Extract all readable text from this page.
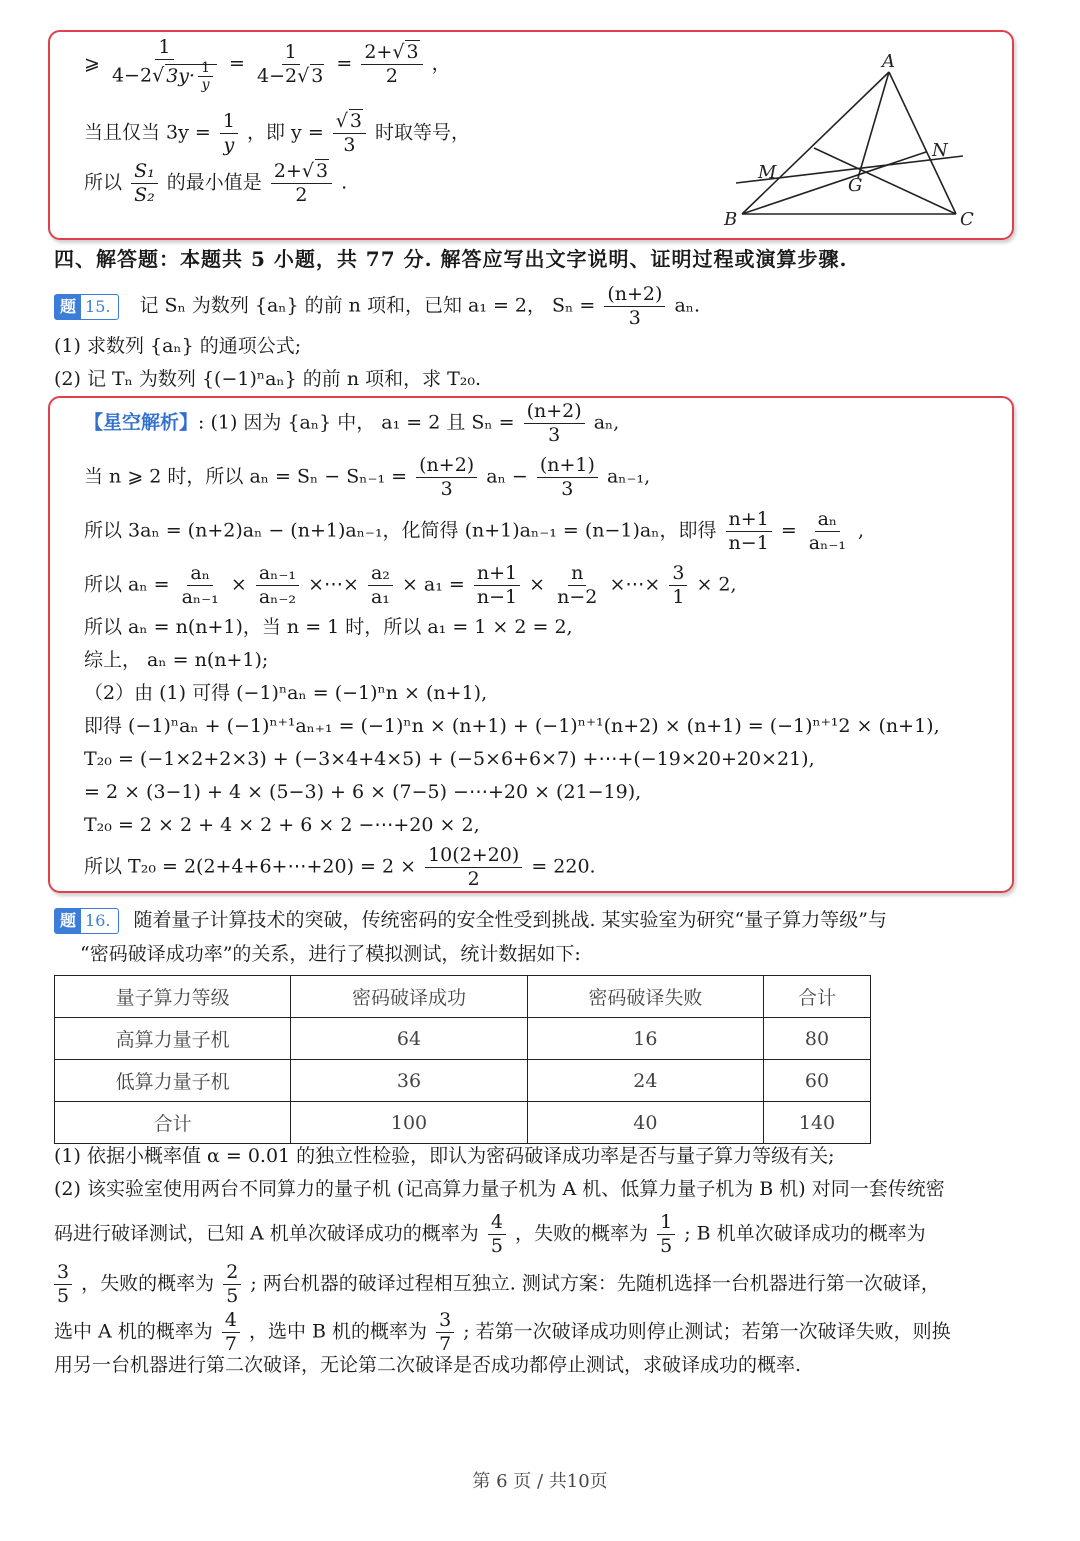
⩾ $\frac{1}{4-2√ 3y\cdot \frac{1}{y}} = \frac{1}{4-2√ 3} = \frac{2+√ 3}{2}$ ，
当且仅当 $3y = \frac{1}{y}$ ，即 $y = \frac{√ 3}{3}$ 时取等号，
所以 $\frac{\text{S₁}}{\text{S₂}}$ 的最小值是 $\frac{2+√ 3}{2}$ .
A
B	C
M
N
G
四、解答题：本题共 5 小题，共 77 分. 解答应写出文字说明、证明过程或演算步骤.
题 15. 记 Sₙ 为数列 {aₙ} 的前 n 项和，已知 a₁ = 2， $S_n = \frac{(n+2)}{3} a_n$.
(1) 求数列 {aₙ} 的通项公式;
(2) 记 Tₙ 为数列 {(−1)ⁿaₙ} 的前 n 项和，求 T₂₀.
【星空解析】: (1) 因为 {aₙ} 中， a₁ = 2 且 $S_n = \frac{(n+2)}{3} a_n$,
当 n ⩾ 2 时，所以 $a_n = S_n - S_{n-1} = \frac{(n+2)}{3}$ $a_n - \frac{(n+1)}{3} a_{n-1}$,
所以 3aₙ = (n+2)aₙ − (n+1)aₙ₋₁，化简得 (n+1)aₙ₋₁ = (n−1)aₙ，即得 $\frac{n+1}{n-1} = \frac{\text{aₙ}}{\text{aₙ₋₁}}$ ,
所以 $a_n = \frac{\text{aₙ}}{\text{aₙ₋₁}} \times \frac{\text{aₙ₋₁}}{\text{aₙ₋₂}}$ ×⋯× $\frac{\text{a₂}}{\text{a₁}} \times a_1 = \frac{n+1}{n-1} \times \frac{n}{n-2}$ ×⋯× $\frac{3}{1} \times 2$,
所以 aₙ = n(n+1)，当 n = 1 时，所以 a₁ = 1 × 2 = 2,
综上， aₙ = n(n+1);
（2）由 (1) 可得 (−1)ⁿaₙ = (−1)ⁿn × (n+1),
即得 (−1)ⁿaₙ + (−1)ⁿ⁺¹aₙ₊₁ = (−1)ⁿn × (n+1) + (−1)ⁿ⁺¹(n+2) × (n+1) = (−1)ⁿ⁺¹2 × (n+1),
T₂₀ = (−1×2+2×3) + (−3×4+4×5) + (−5×6+6×7) +⋯+(−19×20+20×21),
= 2 × (3−1) + 4 × (5−3) + 6 × (7−5) −⋯+20 × (21−19),
T₂₀ = 2 × 2 + 4 × 2 + 6 × 2 −⋯+20 × 2,
所以 T₂₀ = 2(2+4+6+⋯+20) = $2 \times \frac{10(2+20)}{2} = 220$.
题 16. 随着量子计算技术的突破，传统密码的安全性受到挑战. 某实验室为研究“量子算力等级”与
“密码破译成功率”的关系，进行了模拟测试，统计数据如下:
量子算力等级	密码破译成功	密码破译失败	合计
高算力量子机	64	16	80
低算力量子机	36	24	60
合计	100	40	140
(1) 依据小概率值 α = 0.01 的独立性检验，即认为密码破译成功率是否与量子算力等级有关;
(2) 该实验室使用两台不同算力的量子机 (记高算力量子机为 A 机、低算力量子机为 B 机) 对同一套传统密
码进行破译测试，已知 A 机单次破译成功的概率为 $\frac{4}{5}$ ，失败的概率为 $\frac{1}{5}$ ; B 机单次破译成功的概率为
$\frac{3}{5}$ ，失败的概率为 $\frac{2}{5}$ ; 两台机器的破译过程相互独立. 测试方案：先随机选择一台机器进行第一次破译，
选中 A 机的概率为 $\frac{4}{7}$ ，选中 B 机的概率为 $\frac{3}{7}$ ; 若第一次破译成功则停止测试；若第一次破译失败，则换
用另一台机器进行第二次破译，无论第二次破译是否成功都停止测试，求破译成功的概率.
第 6 页 / 共10页
